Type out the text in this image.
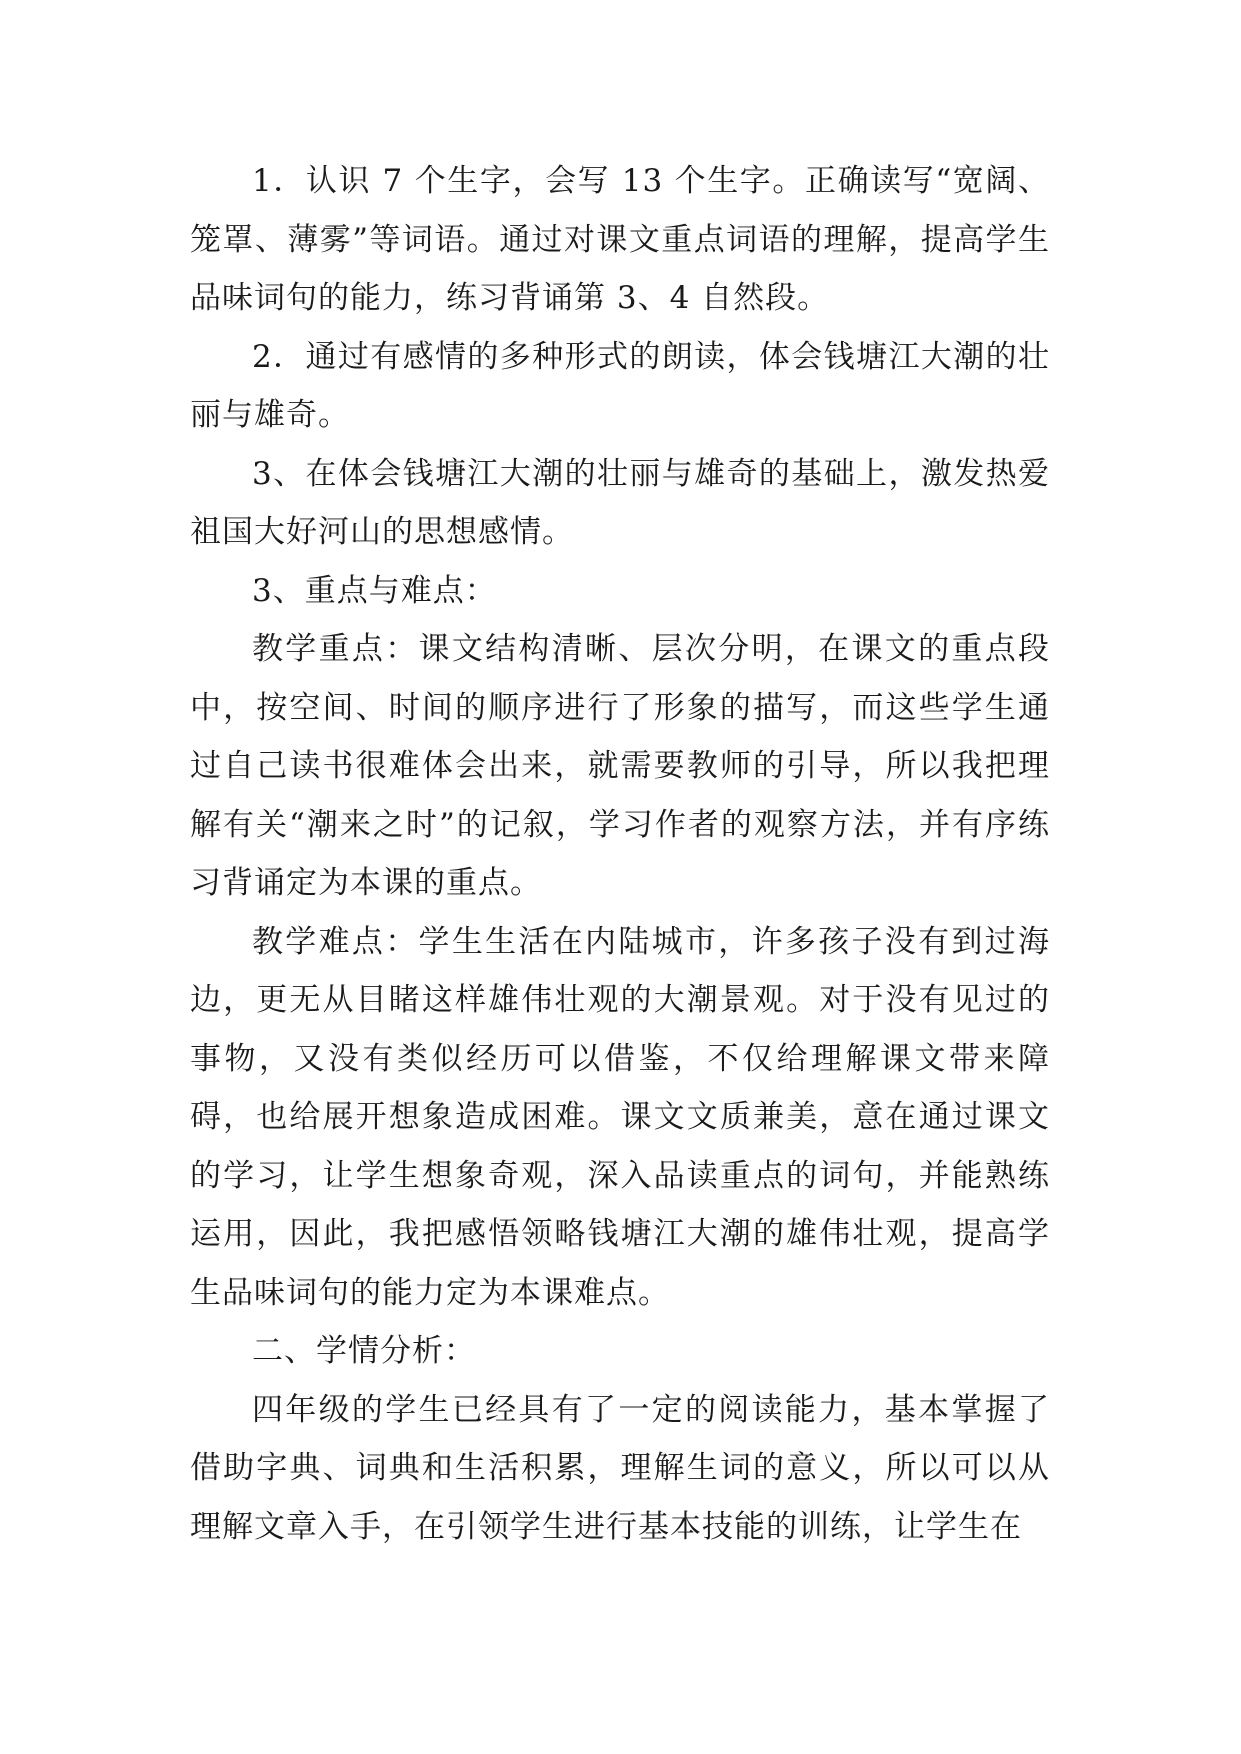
1．认识 7 个生字，会写 13 个生字。正确读写“宽阔、笼罩、薄雾”等词语。通过对课文重点词语的理解，提高学生品味词句的能力，练习背诵第 3、4 自然段。

2．通过有感情的多种形式的朗读，体会钱塘江大潮的壮丽与雄奇。

3、在体会钱塘江大潮的壮丽与雄奇的基础上，激发热爱祖国大好河山的思想感情。

3、重点与难点：

教学重点：课文结构清晰、层次分明，在课文的重点段中，按空间、时间的顺序进行了形象的描写，而这些学生通过自己读书很难体会出来，就需要教师的引导，所以我把理解有关“潮来之时”的记叙，学习作者的观察方法，并有序练习背诵定为本课的重点。

教学难点：学生生活在内陆城市，许多孩子没有到过海边，更无从目睹这样雄伟壮观的大潮景观。对于没有见过的事物，又没有类似经历可以借鉴，不仅给理解课文带来障碍，也给展开想象造成困难。课文文质兼美，意在通过课文的学习，让学生想象奇观，深入品读重点的词句，并能熟练运用，因此，我把感悟领略钱塘江大潮的雄伟壮观，提高学生品味词句的能力定为本课难点。

二、学情分析：

四年级的学生已经具有了一定的阅读能力，基本掌握了借助字典、词典和生活积累，理解生词的意义，所以可以从理解文章入手，在引领学生进行基本技能的训练，让学生在
